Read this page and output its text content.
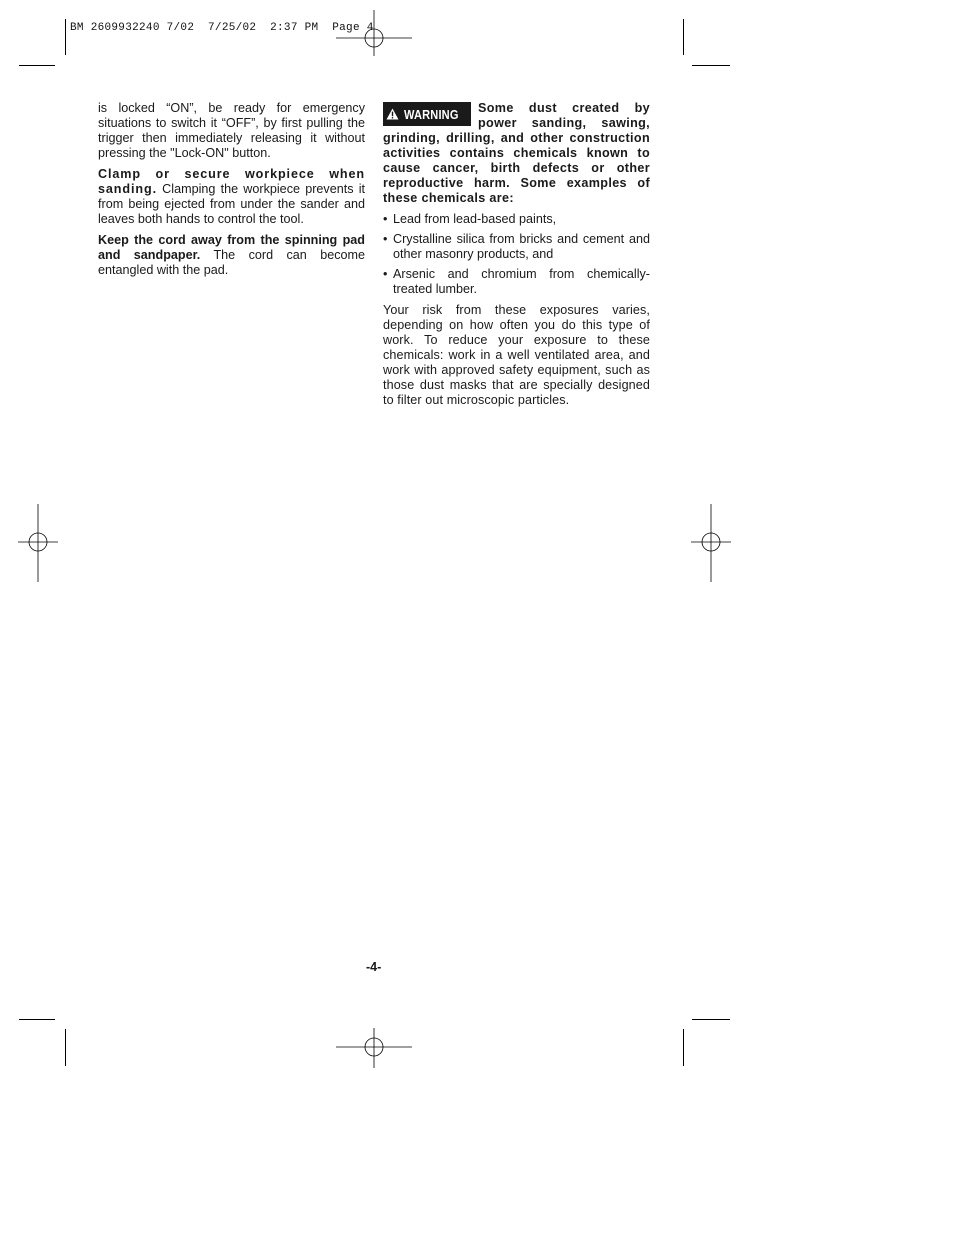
BM 2609932240 7/02  7/25/02  2:37 PM  Page 4

is locked “ON”, be ready for emergency situations to switch it “OFF”, by first pulling the trigger then immediately releasing it without pressing the "Lock-ON" button.

Clamp or secure workpiece when sanding. Clamping the workpiece prevents it from being ejected from under the sander and leaves both hands to control the tool.

Keep the cord away from the spinning pad and sandpaper. The cord can become entangled with the pad.

WARNING	Some dust created by power sanding, sawing, grinding, drilling, and other construction activities contains chemicals known to cause cancer, birth defects or other reproductive harm. Some examples of these chemicals are:

• Lead from lead-based paints,
• Crystalline silica from bricks and cement and other masonry products, and
• Arsenic and chromium from chemically-treated lumber.

Your risk from these exposures varies, depending on how often you do this type of work. To reduce your exposure to these chemicals: work in a well ventilated area, and work with approved safety equipment, such as those dust masks that are specially designed to filter out microscopic particles.

-4-
